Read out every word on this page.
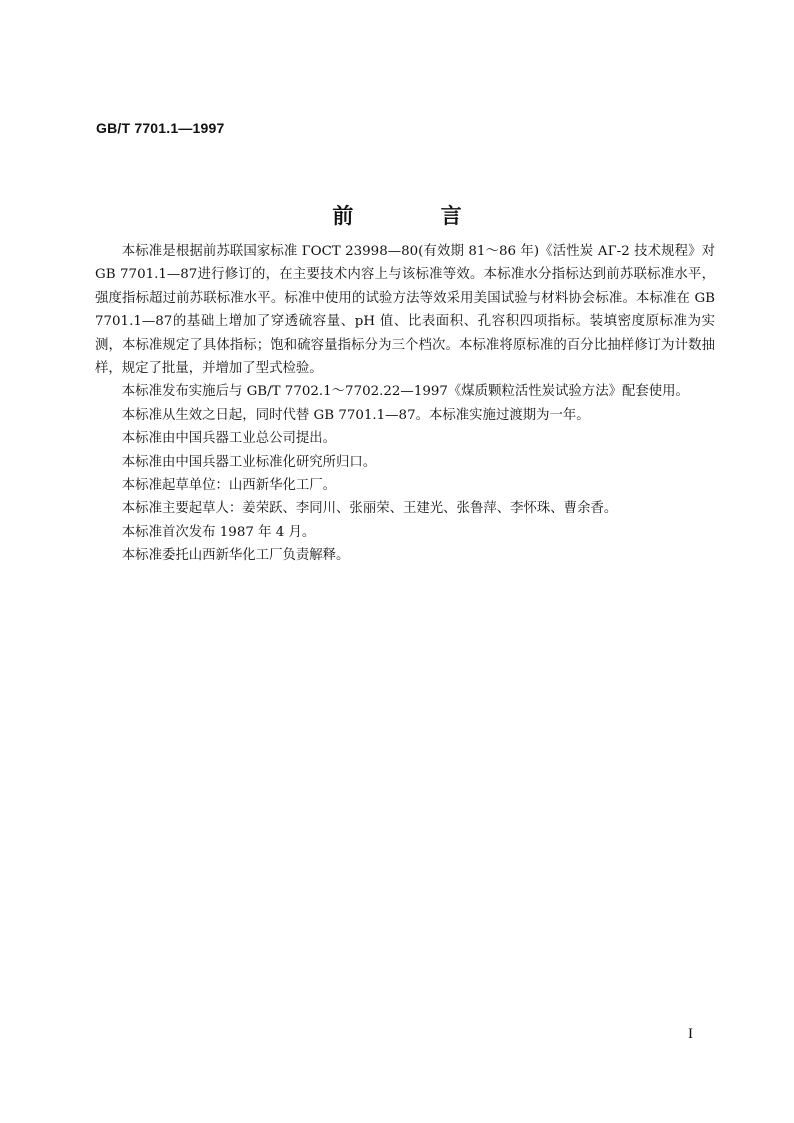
GB/T 7701.1—1997
前 言

本标准是根据前苏联国家标准 ГОСТ 23998—80(有效期 81～86 年)《活性炭 АГ-2 技术规程》对 GB 7701.1—87进行修订的，在主要技术内容上与该标准等效。本标准水分指标达到前苏联标准水平，强度指标超过前苏联标准水平。标准中使用的试验方法等效采用美国试验与材料协会标准。本标准在 GB 7701.1—87的基础上增加了穿透硫容量、pH 值、比表面积、孔容积四项指标。装填密度原标准为实测，本标准规定了具体指标；饱和硫容量指标分为三个档次。本标准将原标准的百分比抽样修订为计数抽样，规定了批量，并增加了型式检验。

本标准发布实施后与 GB/T 7702.1～7702.22—1997《煤质颗粒活性炭试验方法》配套使用。

本标准从生效之日起，同时代替 GB 7701.1—87。本标准实施过渡期为一年。

本标准由中国兵器工业总公司提出。

本标准由中国兵器工业标准化研究所归口。

本标准起草单位：山西新华化工厂。

本标准主要起草人：姜荣跃、李同川、张丽荣、王建光、张鲁萍、李怀珠、曹余香。

本标准首次发布 1987 年 4 月。

本标准委托山西新华化工厂负责解释。

I
